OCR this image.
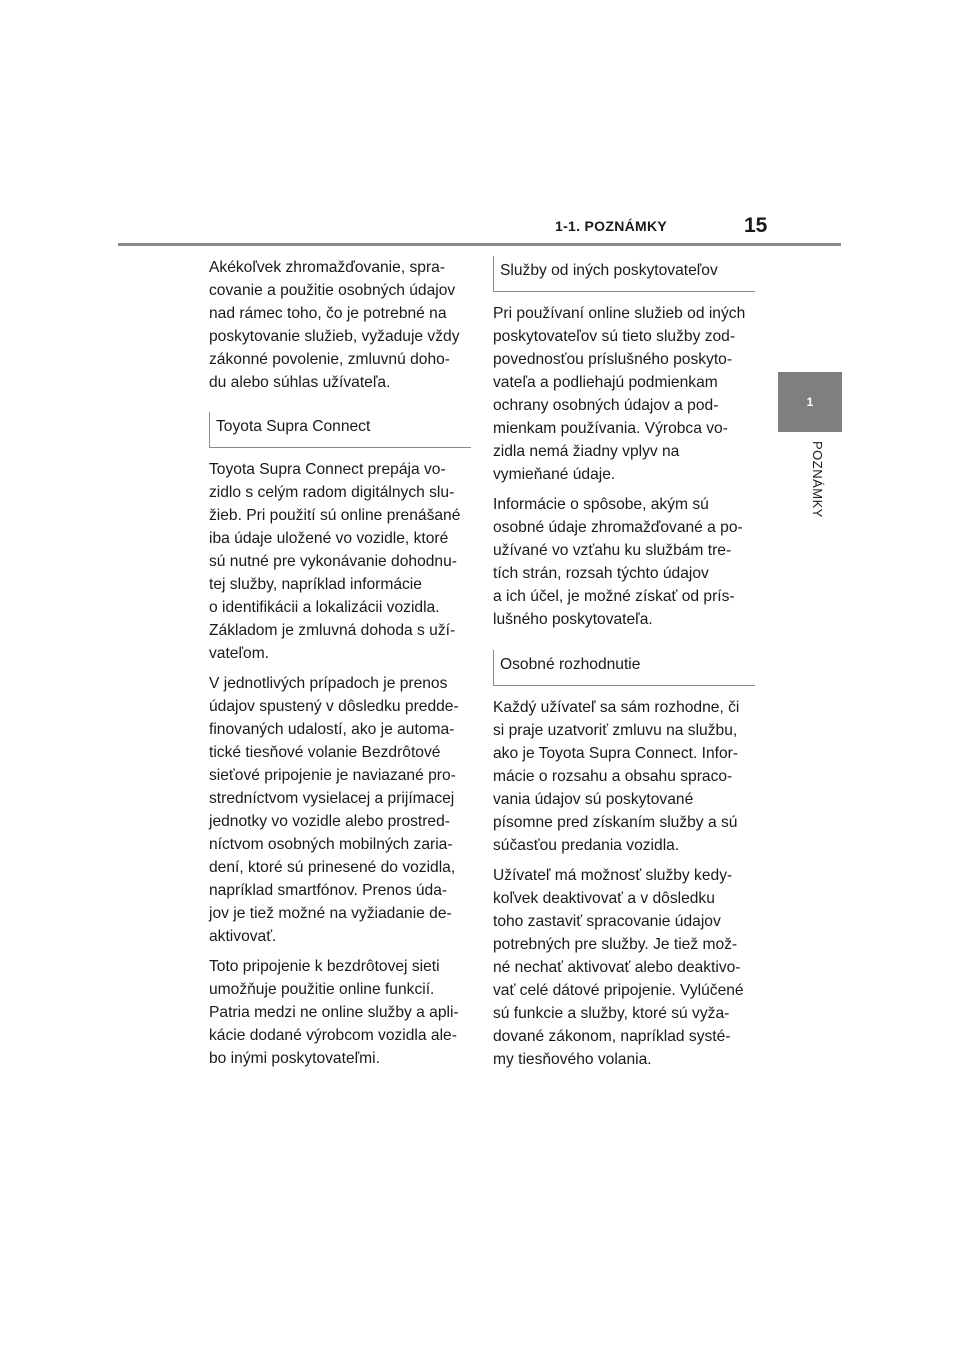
1-1. POZNÁMKY	15
1
POZNÁMKY

Akékoľvek zhromažďovanie, spra-
covanie a použitie osobných údajov
nad rámec toho, čo je potrebné na
poskytovanie služieb, vyžaduje vždy
zákonné povolenie, zmluvnú doho-
du alebo súhlas užívateľa.

Toyota Supra Connect

Toyota Supra Connect prepája vo-
zidlo s celým radom digitálnych slu-
žieb. Pri použití sú online prenášané
iba údaje uložené vo vozidle, ktoré
sú nutné pre vykonávanie dohodnu-
tej služby, napríklad informácie
o identifikácii a lokalizácii vozidla.
Základom je zmluvná dohoda s uží-
vateľom.

V jednotlivých prípadoch je prenos
údajov spustený v dôsledku predde-
finovaných udalostí, ako je automa-
tické tiesňové volanie Bezdrôtové
sieťové pripojenie je naviazané pro-
stredníctvom vysielacej a prijímacej
jednotky vo vozidle alebo prostred-
níctvom osobných mobilných zaria-
dení, ktoré sú prinesené do vozidla,
napríklad smartfónov. Prenos úda-
jov je tiež možné na vyžiadanie de-
aktivovať.

Toto pripojenie k bezdrôtovej sieti
umožňuje použitie online funkcií.
Patria medzi ne online služby a apli-
kácie dodané výrobcom vozidla ale-
bo inými poskytovateľmi.

Služby od iných poskytovateľov

Pri používaní online služieb od iných
poskytovateľov sú tieto služby zod-
povednosťou príslušného poskyto-
vateľa a podliehajú podmienkam
ochrany osobných údajov a pod-
mienkam používania. Výrobca vo-
zidla nemá žiadny vplyv na
vymieňané údaje.

Informácie o spôsobe, akým sú
osobné údaje zhromažďované a po-
užívané vo vzťahu ku službám tre-
tích strán, rozsah týchto údajov
a ich účel, je možné získať od prís-
lušného poskytovateľa.

Osobné rozhodnutie

Každý užívateľ sa sám rozhodne, či
si praje uzatvoriť zmluvu na službu,
ako je Toyota Supra Connect. Infor-
mácie o rozsahu a obsahu spraco-
vania údajov sú poskytované
písomne pred získaním služby a sú
súčasťou predania vozidla.

Užívateľ má možnosť služby kedy-
koľvek deaktivovať a v dôsledku
toho zastaviť spracovanie údajov
potrebných pre služby. Je tiež mož-
né nechať aktivovať alebo deaktivo-
vať celé dátové pripojenie. Vylúčené
sú funkcie a služby, ktoré sú vyža-
dované zákonom, napríklad systé-
my tiesňového volania.
